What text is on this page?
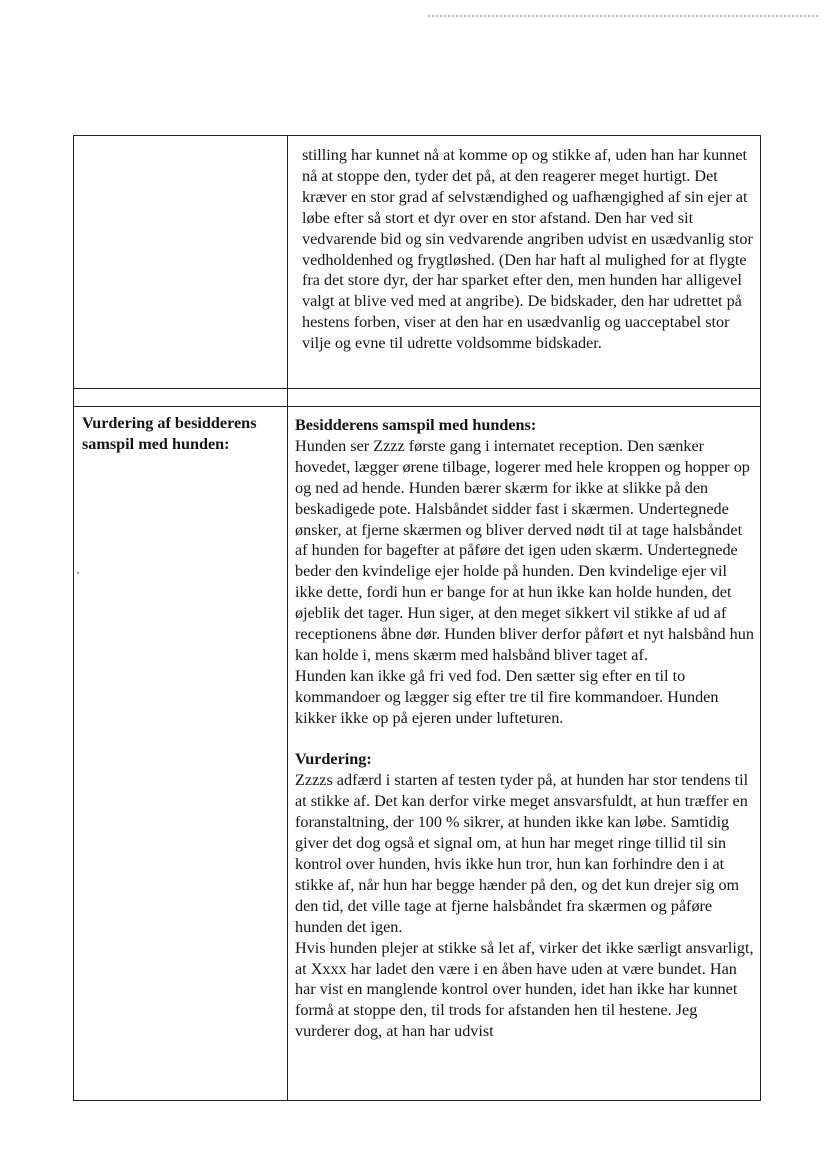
stilling har kunnet nå at komme op og stikke af, uden han har kunnet nå at stoppe den, tyder det på, at den reagerer meget hurtigt. Det kræver en stor grad af selvstændighed og uafhængighed af sin ejer at løbe efter så stort et dyr over en stor afstand. Den har ved sit vedvarende bid og sin vedvarende angriben udvist en usædvanlig stor vedholdenhed og frygtløshed. (Den har haft al mulighed for at flygte fra det store dyr, der har sparket efter den, men hunden har alligevel valgt at blive ved med at angribe). De bidskader, den har udrettet på hestens forben, viser at den har en usædvanlig og uacceptabel stor vilje og evne til udrette voldsomme bidskader.

Vurdering af besidderens samspil med hunden:

Besidderens samspil med hundens:

Hunden ser Zzzz første gang i internatet reception. Den sænker hovedet, lægger ørene tilbage, logerer med hele kroppen og hopper op og ned ad hende. Hunden bærer skærm for ikke at slikke på den beskadigede pote. Halsbåndet sidder fast i skærmen. Undertegnede ønsker, at fjerne skærmen og bliver derved nødt til at tage halsbåndet af hunden for bagefter at påføre det igen uden skærm. Undertegnede beder den kvindelige ejer holde på hunden. Den kvindelige ejer vil ikke dette, fordi hun er bange for at hun ikke kan holde hunden, det øjeblik det tager. Hun siger, at den meget sikkert vil stikke af ud af receptionens åbne dør. Hunden bliver derfor påført et nyt halsbånd hun kan holde i, mens skærm med halsbånd bliver taget af.

Hunden kan ikke gå fri ved fod. Den sætter sig efter en til to kommandoer og lægger sig efter tre til fire kommandoer. Hunden kikker ikke op på ejeren under lufteturen.

Vurdering:

Zzzzs adfærd i starten af testen tyder på, at hunden har stor tendens til at stikke af. Det kan derfor virke meget ansvarsfuldt, at hun træffer en foranstaltning, der 100 % sikrer, at hunden ikke kan løbe. Samtidig giver det dog også et signal om, at hun har meget ringe tillid til sin kontrol over hunden, hvis ikke hun tror, hun kan forhindre den i at stikke af, når hun har begge hænder på den, og det kun drejer sig om den tid, det ville tage at fjerne halsbåndet fra skærmen og påføre hunden det igen.

Hvis hunden plejer at stikke så let af, virker det ikke særligt ansvarligt, at Xxxx har ladet den være i en åben have uden at være bundet. Han har vist en manglende kontrol over hunden, idet han ikke har kunnet formå at stoppe den, til trods for afstanden hen til hestene. Jeg vurderer dog, at han har udvist
